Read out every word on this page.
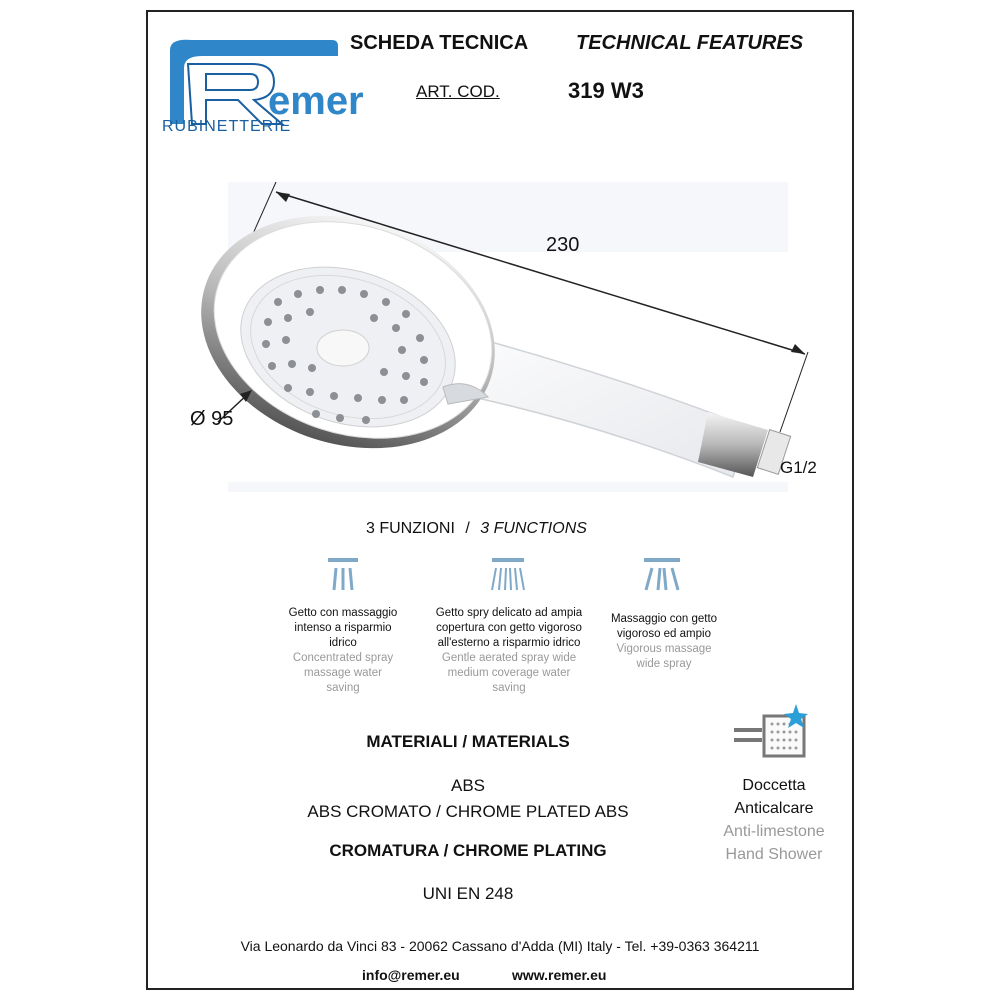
emer
RUBINETTERIE
SCHEDA TECNICA TECHNICAL FEATURES
ART. COD.	319 W3
230
Ø 95
G1/2
3 FUNZIONI / 3 FUNCTIONS
Getto con massaggio
intenso a risparmio
idrico
Concentrated spray
massage water
saving
Getto spry delicato ad ampia
copertura con getto vigoroso
all'esterno a risparmio idrico
Gentle aerated spray wide
medium coverage water
saving
Massaggio con getto
vigoroso ed ampio
Vigorous massage
wide spray
MATERIALI / MATERIALS
ABS
ABS CROMATO / CHROME PLATED ABS
CROMATURA / CHROME PLATING
UNI EN 248
Doccetta
Anticalcare
Anti-limestone
Hand Shower
Via Leonardo da Vinci 83 - 20062 Cassano d'Adda (MI) Italy - Tel. +39-0363 364211
info@remer.eu	www.remer.eu
